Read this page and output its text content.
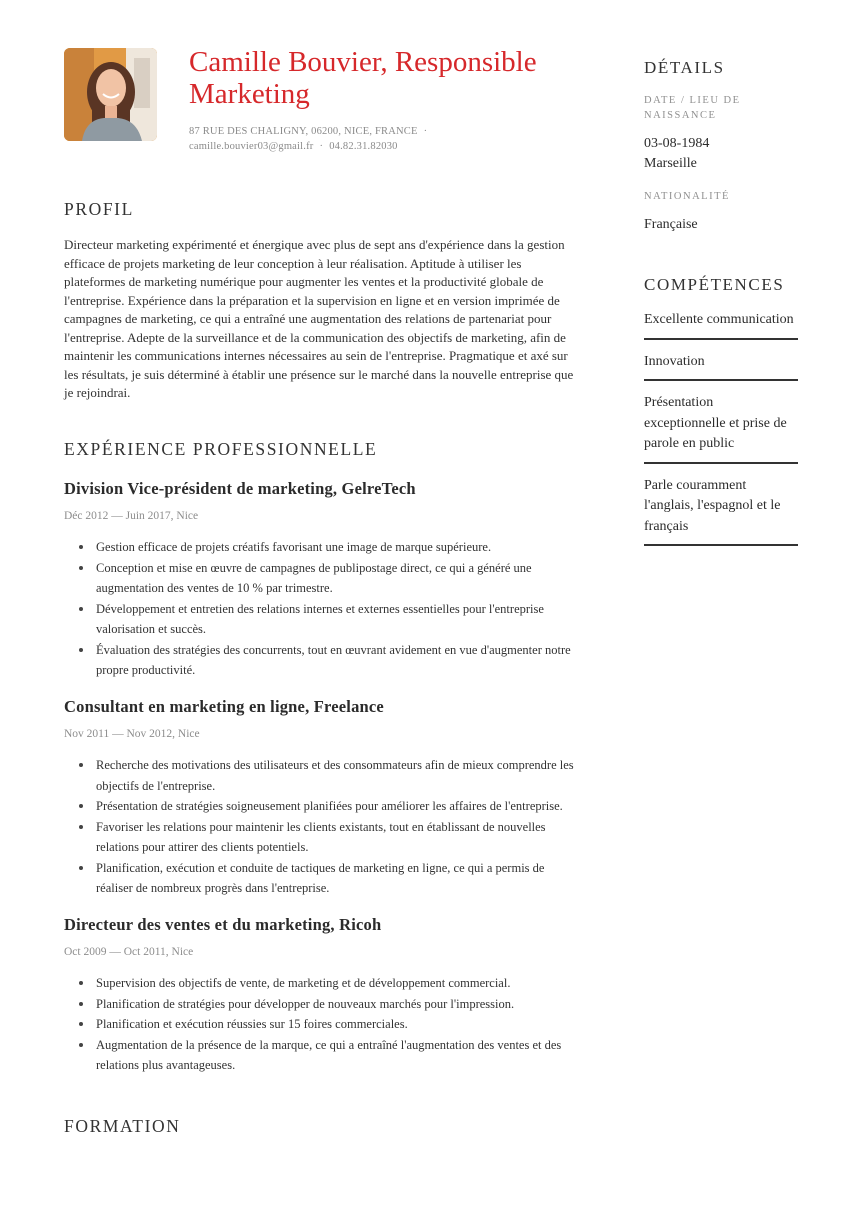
Camille Bouvier, Responsible Marketing
87 RUE DES CHALIGNY, 06200, NICE, FRANCE ·
camille.bouvier03@gmail.fr · 04.82.31.82030
PROFIL
Directeur marketing expérimenté et énergique avec plus de sept ans d'expérience dans la gestion efficace de projets marketing de leur conception à leur réalisation. Aptitude à utiliser les plateformes de marketing numérique pour augmenter les ventes et la productivité globale de l'entreprise. Expérience dans la préparation et la supervision en ligne et en version imprimée de campagnes de marketing, ce qui a entraîné une augmentation des relations de partenariat pour l'entreprise. Adepte de la surveillance et de la communication des objectifs de marketing, afin de maintenir les communications internes nécessaires au sein de l'entreprise. Pragmatique et axé sur les résultats, je suis déterminé à établir une présence sur le marché dans la nouvelle entreprise que je rejoindrai.
EXPÉRIENCE PROFESSIONNELLE
Division Vice-président de marketing, GelreTech
Déc 2012 — Juin 2017, Nice
Gestion efficace de projets créatifs favorisant une image de marque supérieure.
Conception et mise en œuvre de campagnes de publipostage direct, ce qui a généré une augmentation des ventes de 10 % par trimestre.
Développement et entretien des relations internes et externes essentielles pour l'entreprise valorisation et succès.
Évaluation des stratégies des concurrents, tout en œuvrant avidement en vue d'augmenter notre propre productivité.
Consultant en marketing en ligne, Freelance
Nov 2011 — Nov 2012, Nice
Recherche des motivations des utilisateurs et des consommateurs afin de mieux comprendre les objectifs de l'entreprise.
Présentation de stratégies soigneusement planifiées pour améliorer les affaires de l'entreprise.
Favoriser les relations pour maintenir les clients existants, tout en établissant de nouvelles relations pour attirer des clients potentiels.
Planification, exécution et conduite de tactiques de marketing en ligne, ce qui a permis de réaliser de nombreux progrès dans l'entreprise.
Directeur des ventes et du marketing, Ricoh
Oct 2009 — Oct 2011, Nice
Supervision des objectifs de vente, de marketing et de développement commercial.
Planification de stratégies pour développer de nouveaux marchés pour l'impression.
Planification et exécution réussies sur 15 foires commerciales.
Augmentation de la présence de la marque, ce qui a entraîné l'augmentation des ventes et des relations plus avantageuses.
FORMATION
DÉTAILS
DATE / LIEU DE NAISSANCE
03-08-1984
Marseille
NATIONALITÉ
Française
COMPÉTENCES
Excellente communication
Innovation
Présentation exceptionnelle et prise de parole en public
Parle couramment l'anglais, l'espagnol et le français
